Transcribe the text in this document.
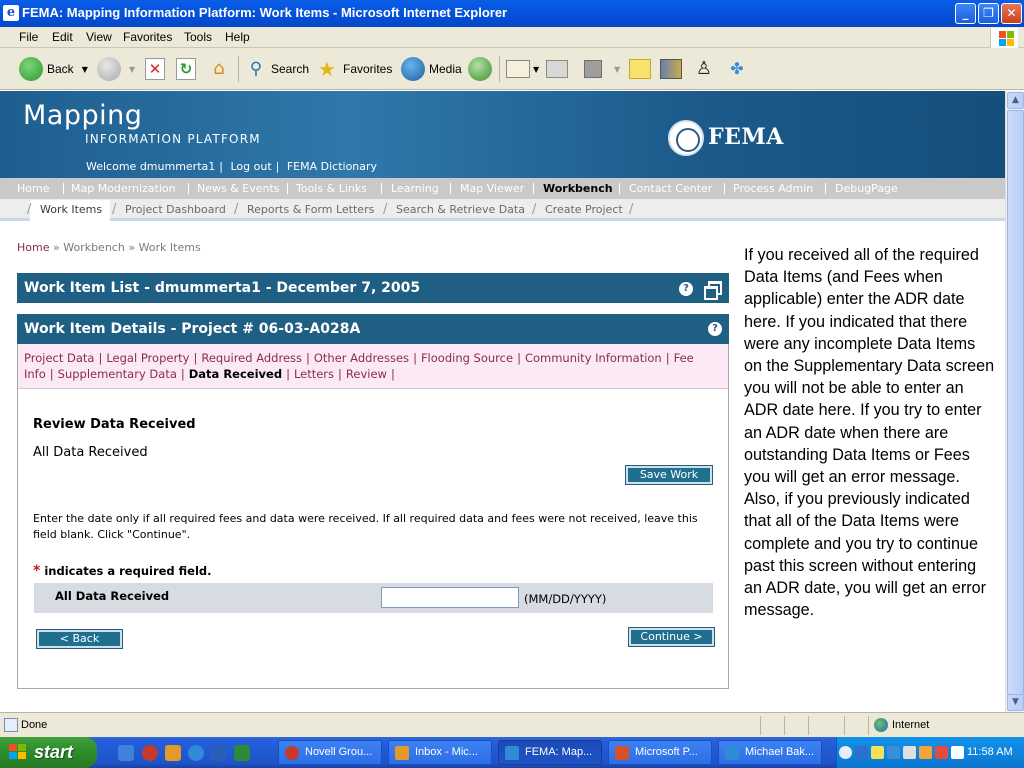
e FEMA: Mapping Information Platform: Work Items - Microsoft Internet Explorer	_	❐	✕
File Edit View Favorites Tools Help
Back ▼	▼ ✕ ↻	⌂	⚲ Search ★ Favorites	Media	▼	▼	♙	✤
Mapping
INFORMATION PLATFORM
Welcome dmummerta1 | Log out | FEMA Dictionary
FEMA
Home Map Modernization News & Events Tools & Links Learning Map Viewer Workbench Contact Center Process Admin DebugPage
/ Work Items / Project Dashboard / Reports & Form Letters / Search & Retrieve Data / Create Project /
Home » Workbench » Work Items
Work Item List - dmummerta1 - December 7, 2005	?
Work Item Details - Project # 06-03-A028A	?
Project Data | Legal Property | Required Address | Other Addresses | Flooding Source | Community Information | Fee Info | Supplementary Data | Data Received | Letters | Review |
Review Data Received
All Data Received
Save Work
Enter the date only if all required fees and data were received. If all required data and fees were not received, leave this field blank. Click "Continue".
* indicates a required field.
All Data Received	(MM/DD/YYYY)
< Back	Continue >
If you received all of the required Data Items (and Fees when applicable) enter the ADR date here. If you indicated that there were any incomplete Data Items on the Supplementary Data screen you will not be able to enter an ADR date here. If you try to enter an ADR date when there are outstanding Data Items or Fees you will get an error message. Also, if you previously indicated that all of the Data Items were complete and you try to continue past this screen without entering an ADR date, you will get an error message.
▲
▼
Done	Internet
start	Novell Grou...	Inbox - Mic...	FEMA: Map...	Microsoft P...	Michael Bak...	11:58 AM
